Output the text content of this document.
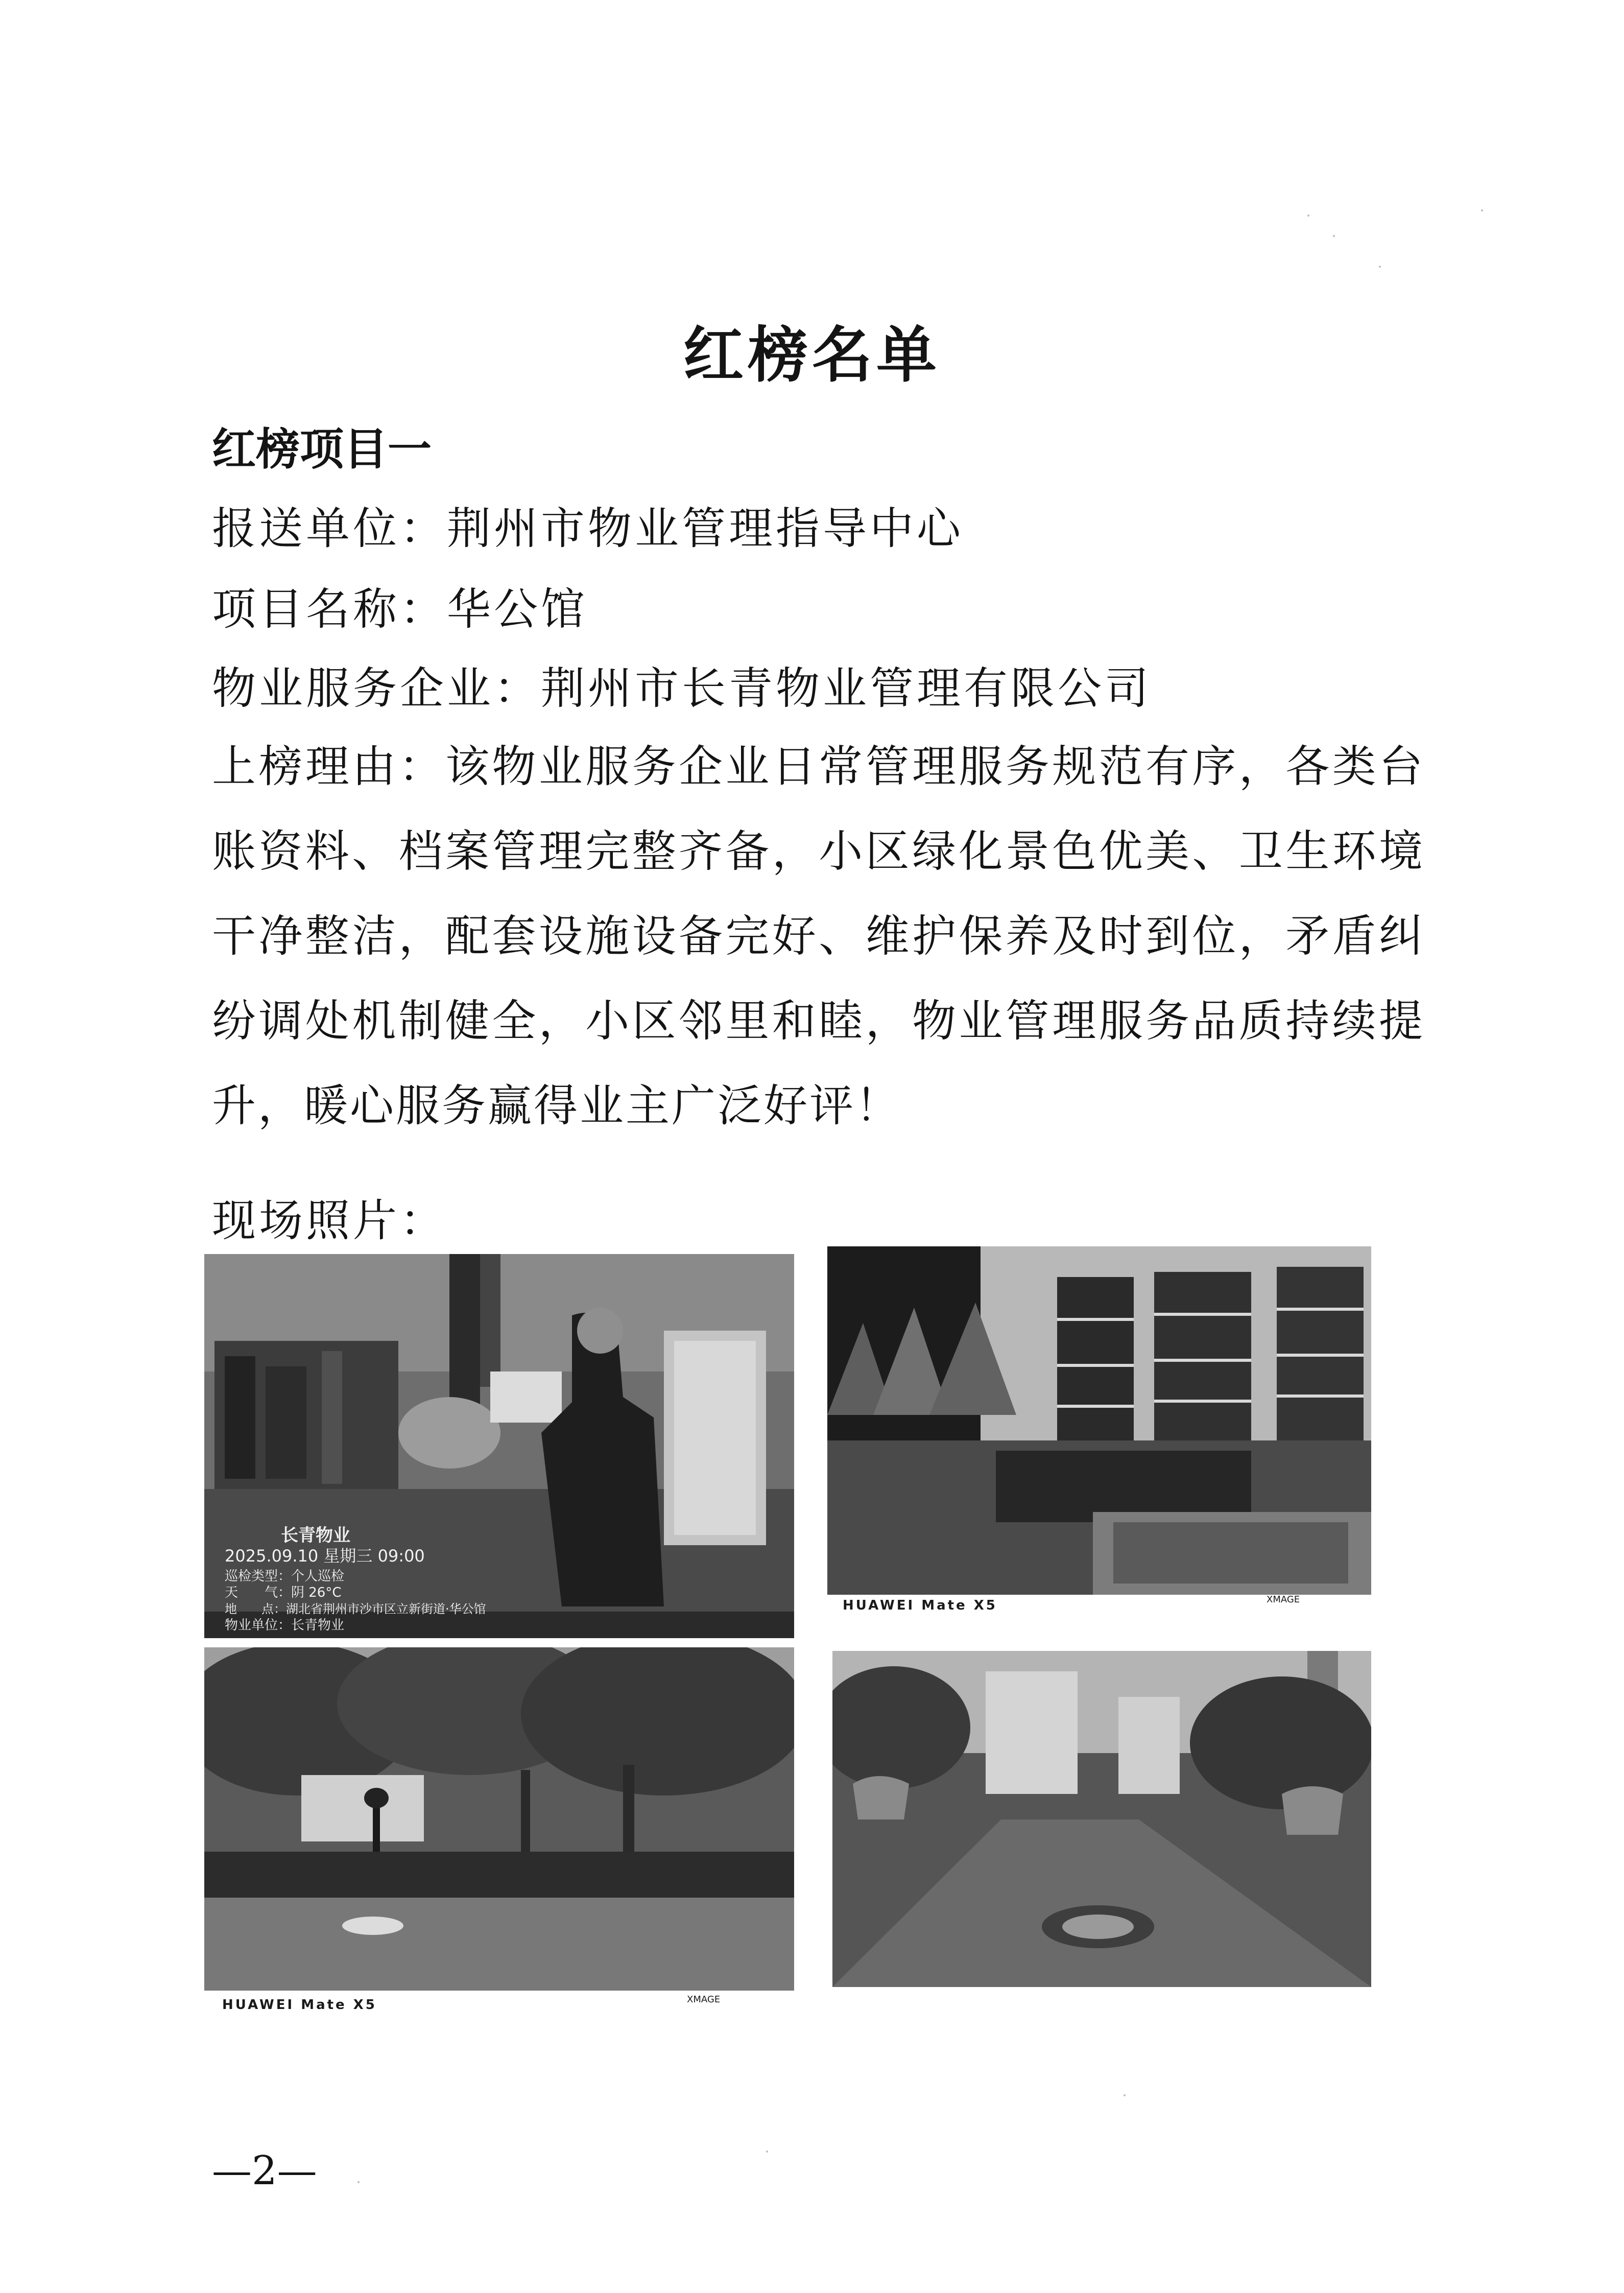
红榜名单
红榜项目一
报送单位：荆州市物业管理指导中心
项目名称：华公馆
物业服务企业：荆州市长青物业管理有限公司
上榜理由：该物业服务企业日常管理服务规范有序，各类台账资料、档案管理完整齐备，小区绿化景色优美、卫生环境干净整洁，配套设施设备完好、维护保养及时到位，矛盾纠纷调处机制健全，小区邻里和睦，物业管理服务品质持续提升，暖心服务赢得业主广泛好评！
现场照片：
长青物业
2025.09.10 星期三 09:00
巡检类型：个人巡检
天　　气：阴 26°C
地　　点：湖北省荆州市沙市区立新街道·华公馆
物业单位：长青物业
HUAWEI Mate X5	XMAGE
HUAWEI Mate X5	XMAGE
—2—
